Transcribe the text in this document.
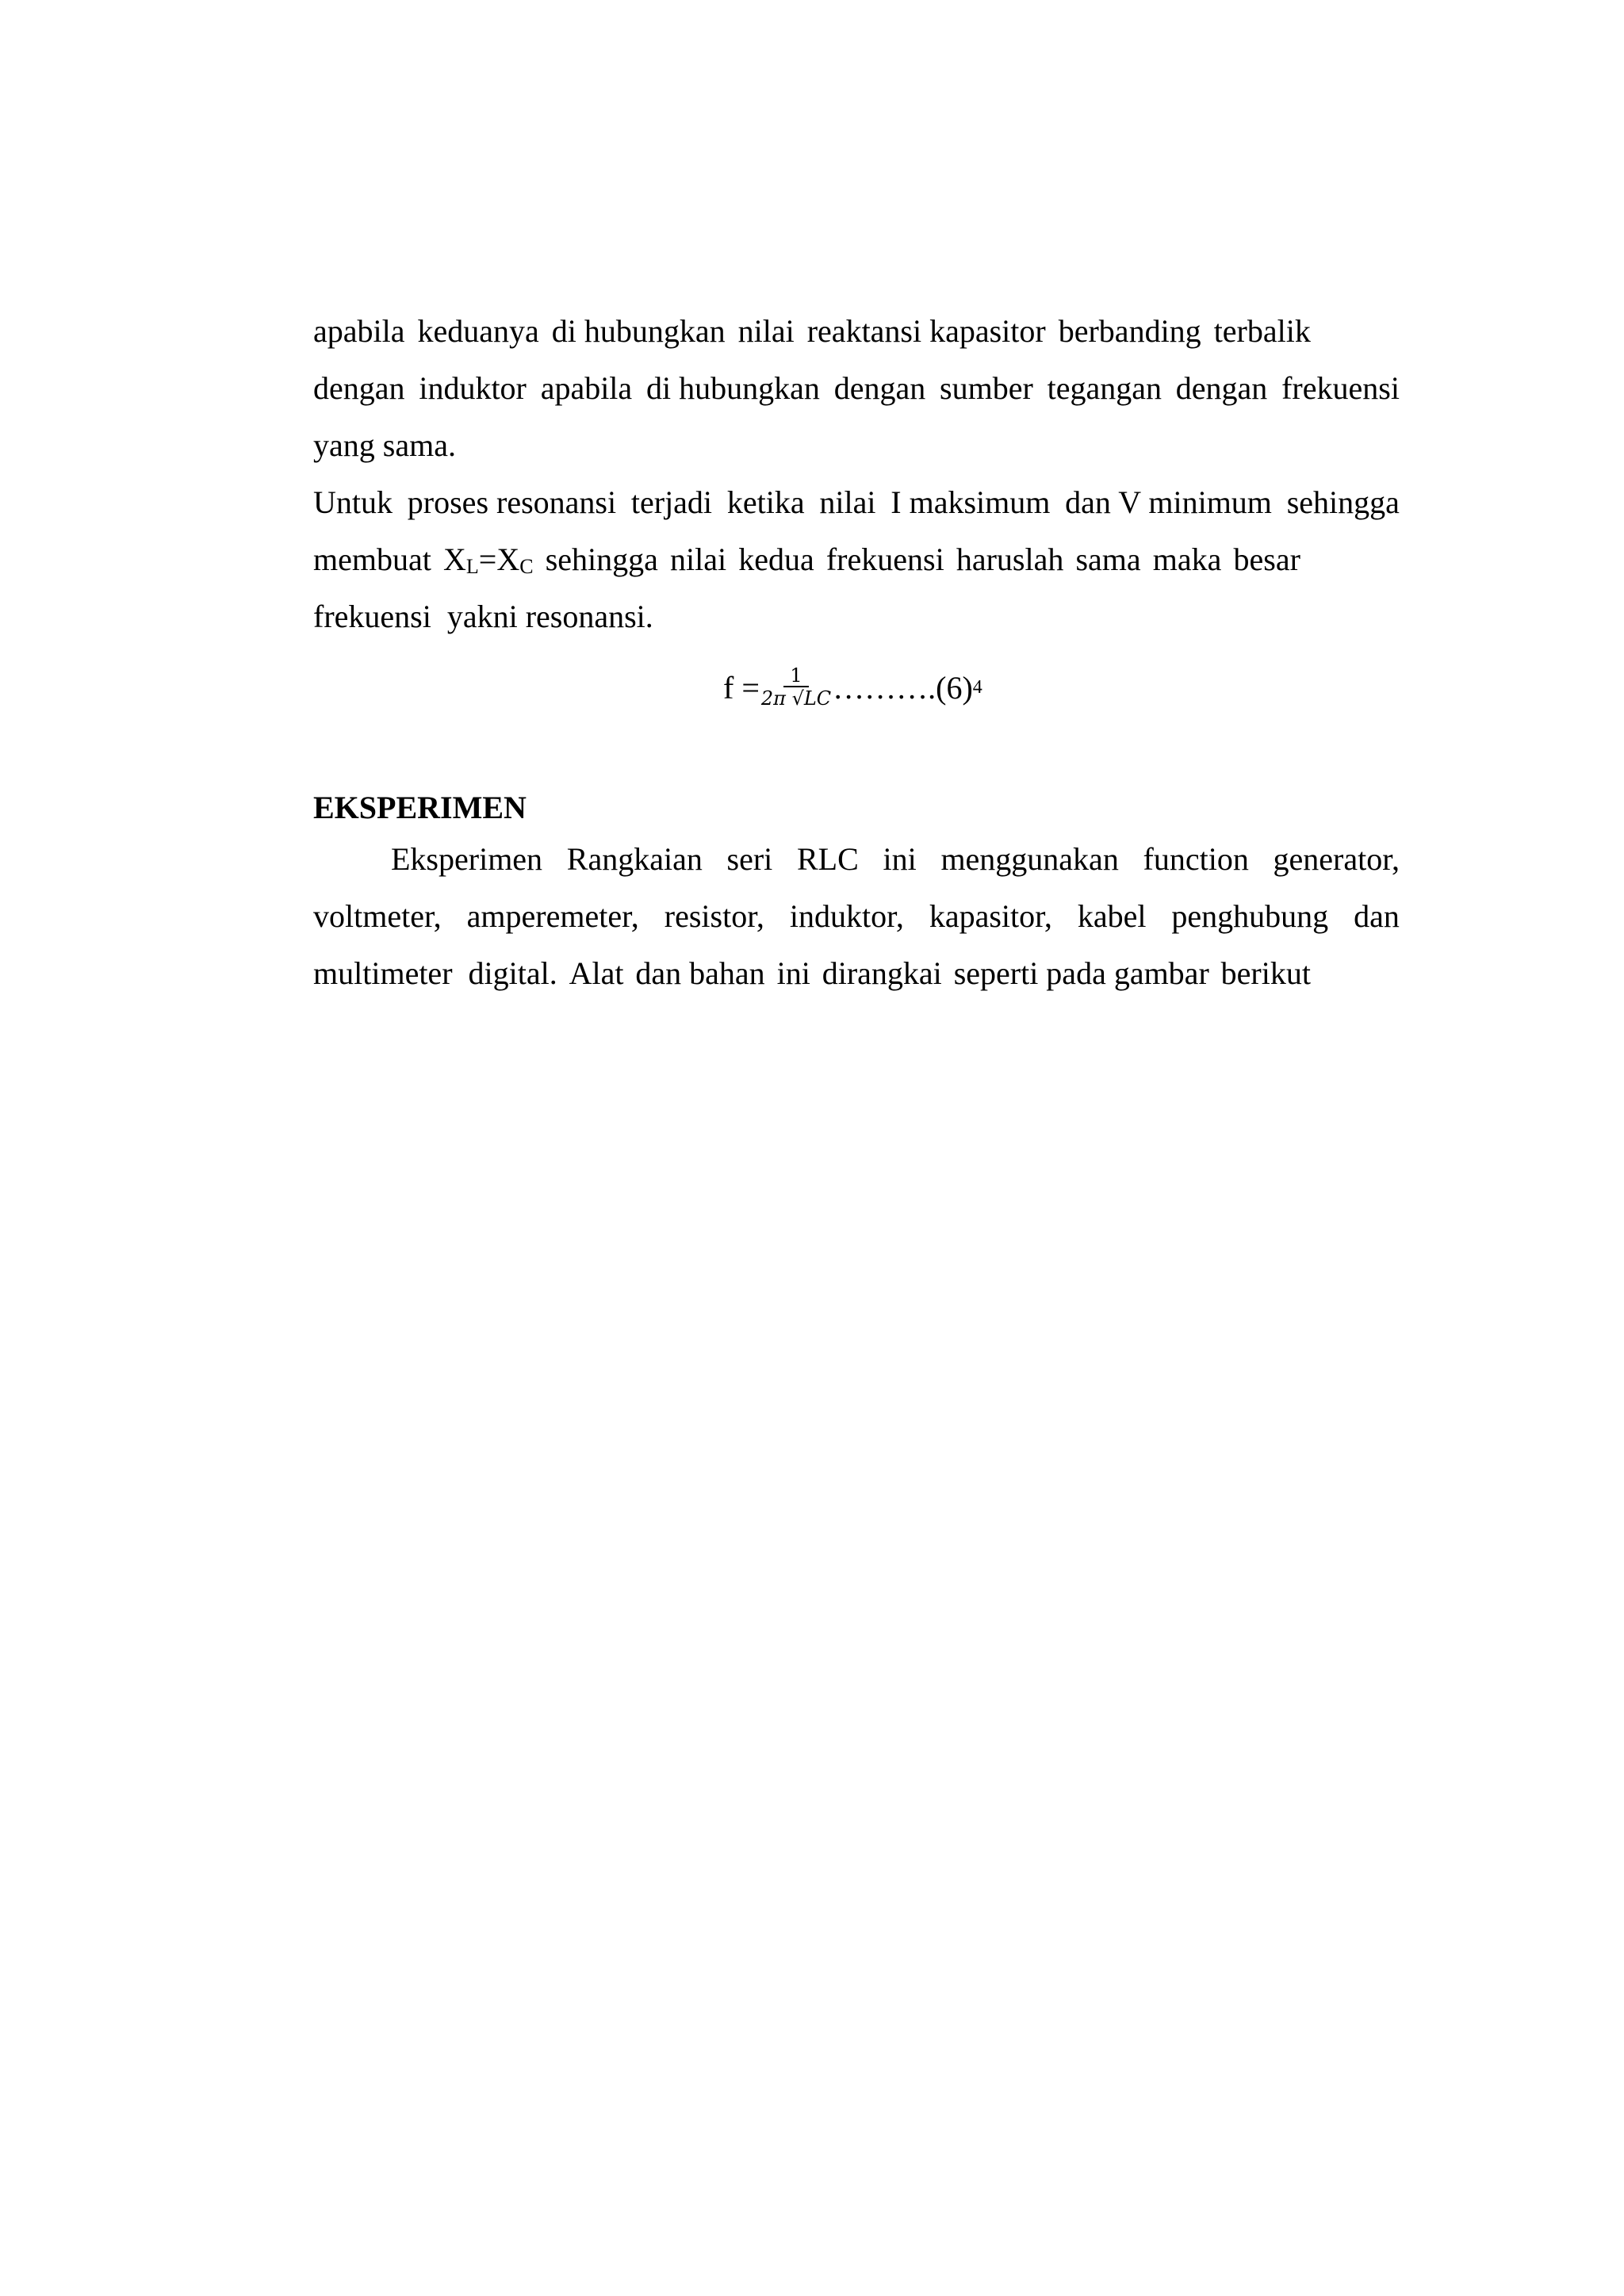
apabila keduanya di hubungkan nilai reaktansi kapasitor berbanding terbalik
dengan induktor apabila di hubungkan dengan sumber tegangan dengan frekuensi
yang sama.
Untuk proses resonansi terjadi ketika nilai I maksimum dan V minimum sehingga
membuat $X_L=X_C$ sehingga nilai kedua frekuensi haruslah sama maka besar
frekuensi  yakni resonansi.
$f = \frac{1}{2\pi √LC}$ ……….(6) 4
EKSPERIMEN
Eksperimen Rangkaian seri RLC ini menggunakan function generator,
voltmeter, amperemeter, resistor, induktor, kapasitor, kabel penghubung dan
multimeter  digital. Alat dan bahan ini dirangkai seperti pada gambar berikut
